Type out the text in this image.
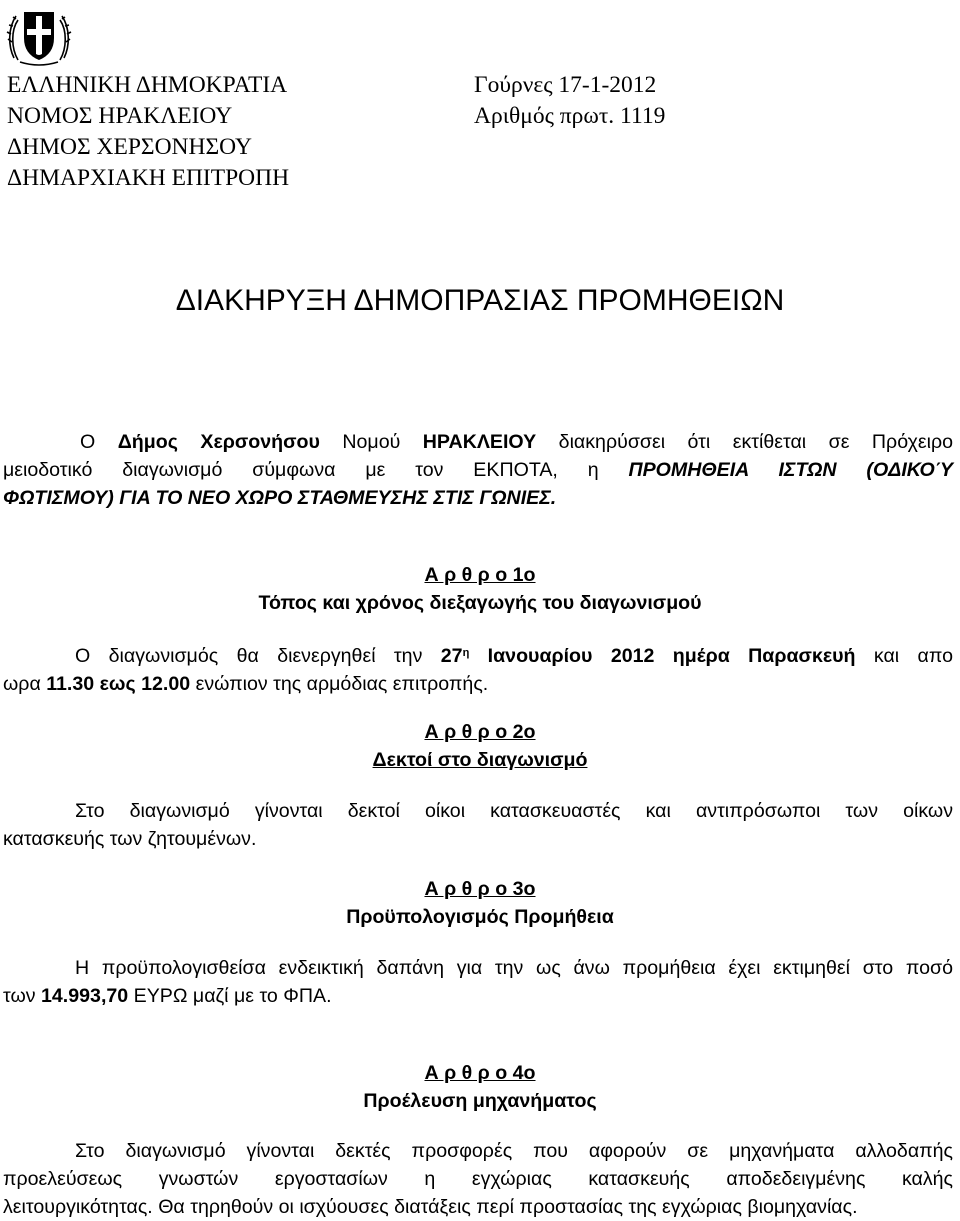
ΕΛΛΗΝΙΚΗ ΔΗΜΟΚΡΑΤΙΑ
ΝΟΜΟΣ ΗΡΑΚΛΕΙΟΥ
ΔΗΜΟΣ ΧΕΡΣΟΝΗΣΟΥ
ΔΗΜΑΡΧΙΑΚΗ ΕΠΙΤΡΟΠΗ
Γούρνες 17-1-2012
Αριθμός πρωτ. 1119
ΔΙΑΚΗΡΥΞΗ ΔΗΜΟΠΡΑΣΙΑΣ ΠΡΟΜΗΘΕΙΩΝ
Ο Δήμος Χερσονήσου Νομού ΗΡΑΚΛΕΙΟΥ διακηρύσσει ότι εκτίθεται σε Πρόχειρο
μειοδοτικό διαγωνισμό σύμφωνα με τον ΕΚΠΟΤΑ, η ΠΡΟΜΗΘΕΙΑ ΙΣΤΩΝ (ΟΔΙΚΟΎ
ΦΩΤΙΣΜΟΥ) ΓΙΑ ΤΟ ΝΕΟ ΧΩΡΟ ΣΤΑΘΜΕΥΣΗΣ ΣΤΙΣ ΓΩΝΙΕΣ.
Α ρ θ ρ ο 1ο
Τόπος και χρόνος διεξαγωγής του διαγωνισμού
Ο διαγωνισμός θα διενεργηθεί την $27^\eta$ Ιανουαρίου 2012 ημέρα Παρασκευή και απο
ωρα 11.30 εως 12.00 ενώπιον της αρμόδιας επιτροπής.
Α ρ θ ρ ο 2ο
Δεκτοί στο διαγωνισμό
Στο διαγωνισμό γίνονται δεκτοί οίκοι κατασκευαστές και αντιπρόσωποι των οίκων
κατασκευής των ζητουμένων.
Α ρ θ ρ ο 3ο
Προϋπολογισμός Προμήθεια
Η προϋπολογισθείσα ενδεικτική δαπάνη για την ως άνω προμήθεια έχει εκτιμηθεί στο ποσό
των 14.993,70 ΕΥΡΩ μαζί με το ΦΠΑ.
Α ρ θ ρ ο 4ο
Προέλευση μηχανήματος
Στο διαγωνισμό γίνονται δεκτές προσφορές που αφορούν σε μηχανήματα αλλοδαπής
προελεύσεως γνωστών εργοστασίων η εγχώριας κατασκευής αποδεδειγμένης καλής
λειτουργικότητας. Θα τηρηθούν οι ισχύουσες διατάξεις περί προστασίας της εγχώριας βιομηχανίας.
